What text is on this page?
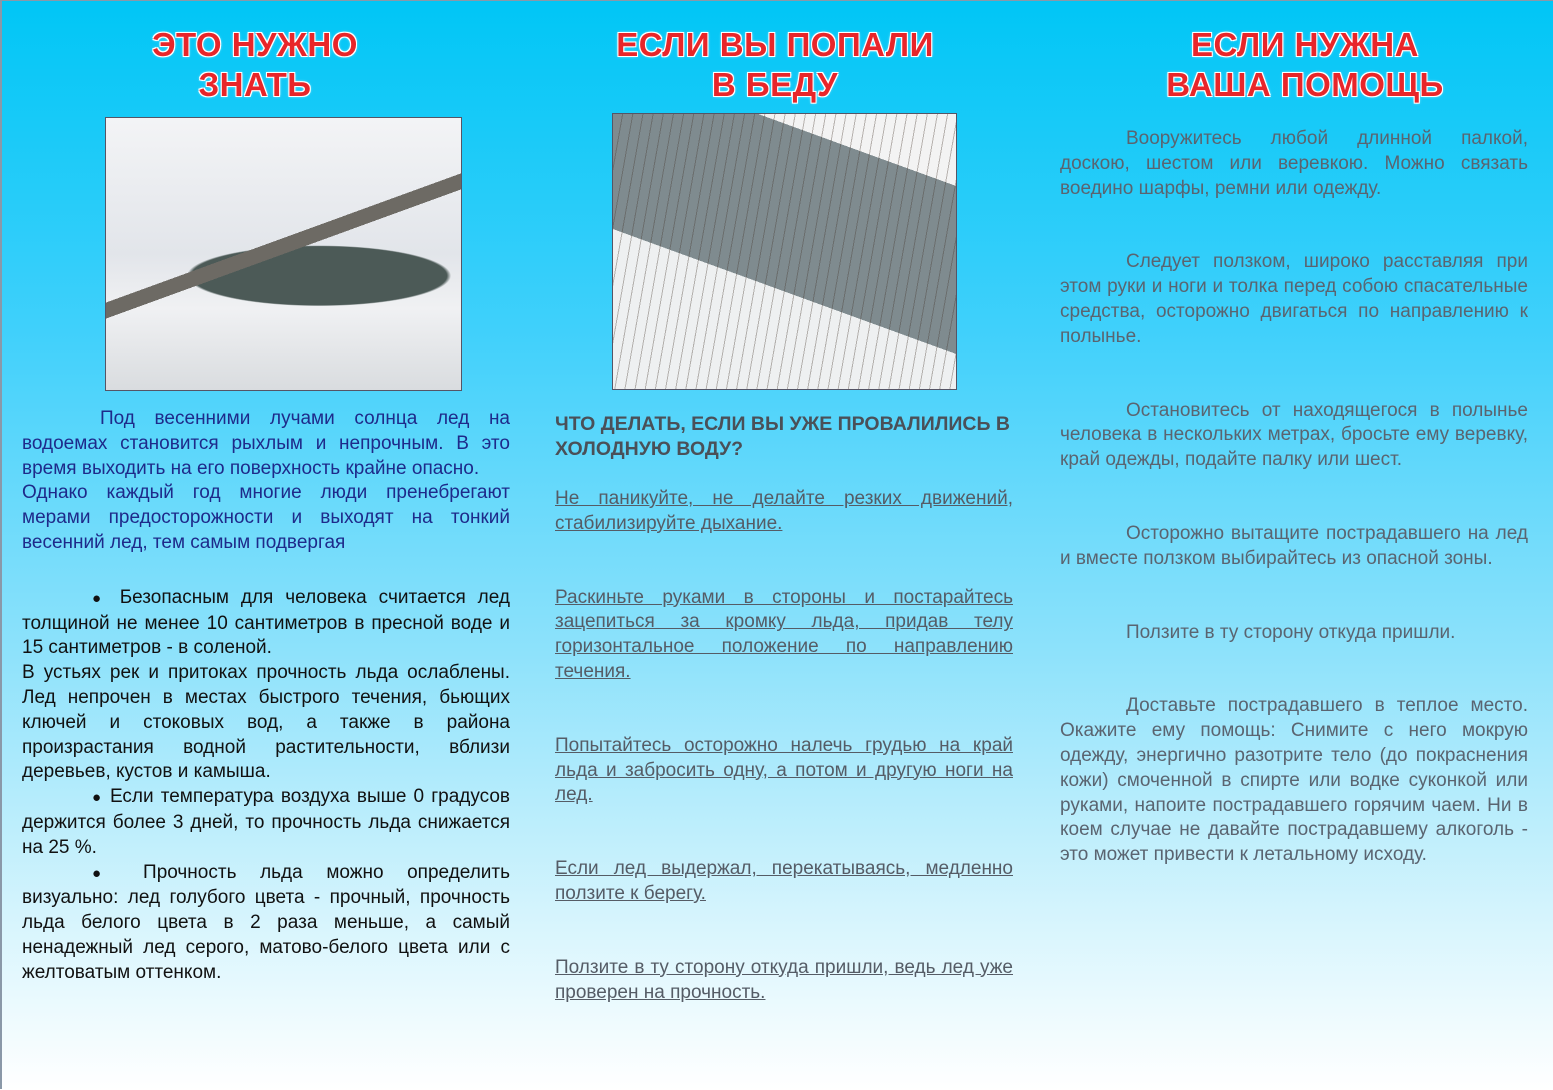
ЭТО НУЖНО
ЗНАТЬ

Под весенними лучами солнца лед на водоемах становится рыхлым и непрочным. В это время выходить на его поверхность крайне опасно.

Однако каждый год многие люди пренебрегают мерами предосторожности и выходят на тонкий весенний лед, тем самым подвергая

● Безопасным для человека считается лед толщиной не менее 10 сантиметров в пресной воде и 15 сантиметров - в соленой.

В устьях рек и притоках прочность льда ослаблены. Лед непрочен в местах быстрого течения, бьющих ключей и стоковых вод, а также в района произрастания водной растительности, вблизи деревьев, кустов и камыша.

● Если температура воздуха выше 0 градусов держится более 3 дней, то прочность льда снижается на 25 %.

● Прочность льда можно определить визуально: лед голубого цвета - прочный, прочность льда белого цвета в 2 раза меньше, а самый ненадежный лед серого, матово-белого цвета или с желтоватым оттенком.

ЕСЛИ ВЫ ПОПАЛИ
В БЕДУ
ЧТО ДЕЛАТЬ, ЕСЛИ ВЫ УЖЕ ПРОВАЛИЛИСЬ В ХОЛОДНУЮ ВОДУ?

Не паникуйте, не делайте резких движений, стабилизируйте дыхание.

Раскиньте руками в стороны и постарайтесь зацепиться за кромку льда, придав телу горизонтальное положение по направлению течения.

Попытайтесь осторожно налечь грудью на край льда и забросить одну, а потом и другую ноги на лед.

Если лед выдержал, перекатываясь, медленно ползите к берегу.

Ползите в ту сторону откуда пришли, ведь лед уже проверен на прочность.

ЕСЛИ НУЖНА
ВАША ПОМОЩЬ

Вооружитесь любой длинной палкой, доскою, шестом или веревкою. Можно связать воедино шарфы, ремни или одежду.

Следует ползком, широко расставляя при этом руки и ноги и толка перед собою спасательные средства, осторожно двигаться по направлению к полынье.

Остановитесь от находящегося в полынье человека в нескольких метрах, бросьте ему веревку, край одежды, подайте палку или шест.

Осторожно вытащите пострадавшего на лед и вместе ползком выбирайтесь из опасной зоны.

Ползите в ту сторону откуда пришли.

Доставьте пострадавшего в теплое место. Окажите ему помощь: Снимите с него мокрую одежду, энергично разотрите тело (до покраснения кожи) смоченной в спирте или водке суконкой или руками, напоите пострадавшего горячим чаем. Ни в коем случае не давайте пострадавшему алкоголь - это может привести к летальному исходу.
